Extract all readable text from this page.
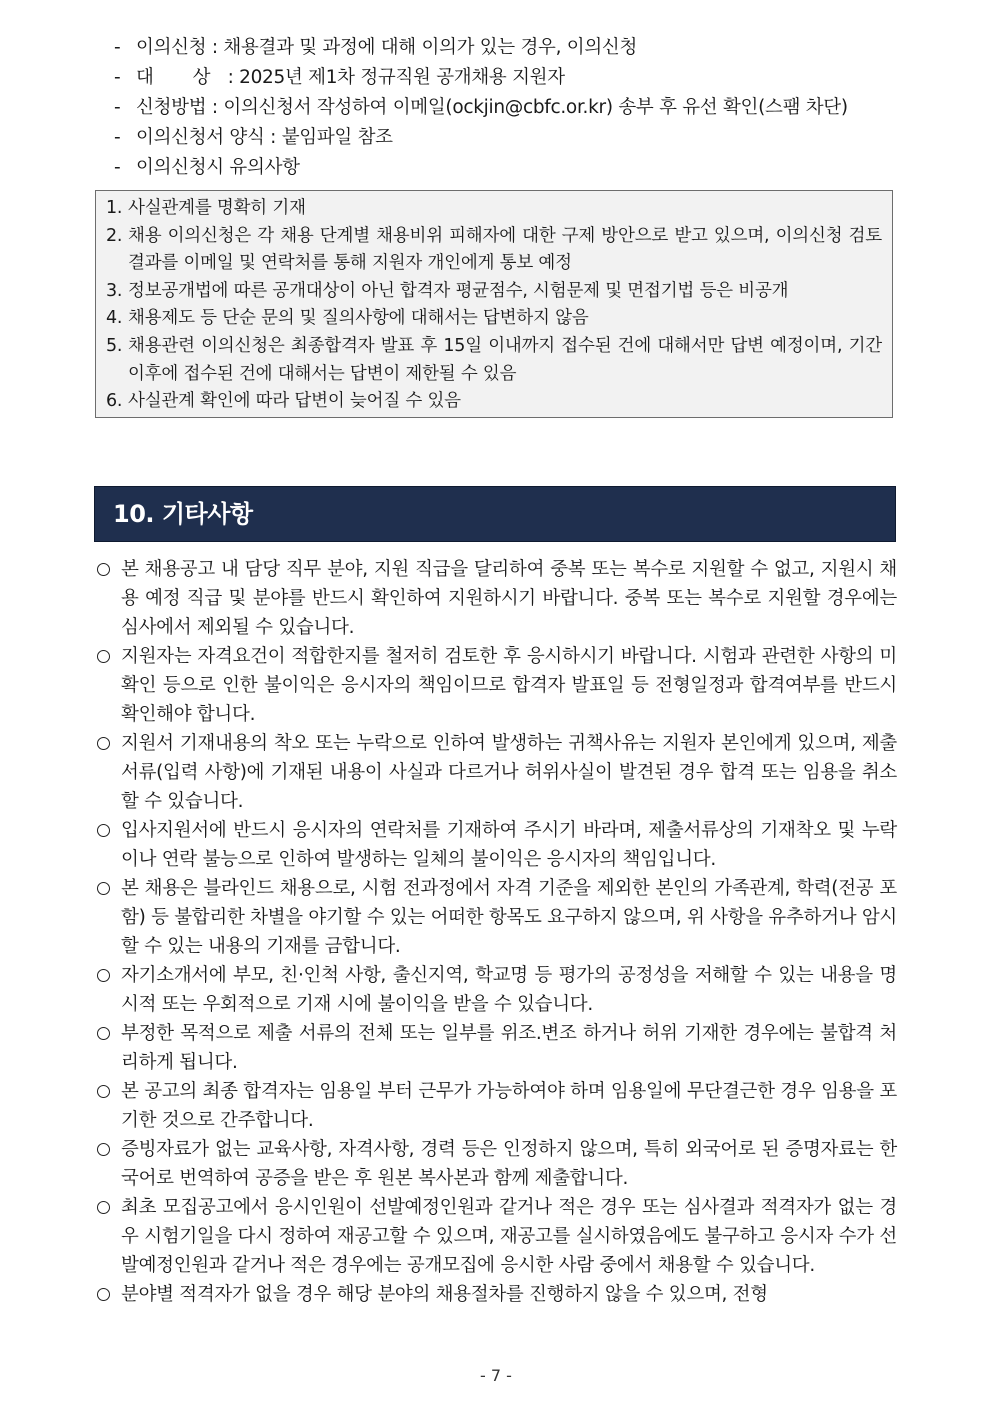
- 이의신청 : 채용결과 및 과정에 대해 이의가 있는 경우, 이의신청
- 대       상 : 2025년 제1차 정규직원 공개채용 지원자
- 신청방법 : 이의신청서 작성하여 이메일(ockjin@cbfc.or.kr) 송부 후 유선 확인(스팸 차단)
- 이의신청서 양식 : 붙임파일 참조
- 이의신청시 유의사항
1. 사실관계를 명확히 기재
2. 채용 이의신청은 각 채용 단계별 채용비위 피해자에 대한 구제 방안으로 받고 있으며, 이의신청 검토 결과를 이메일 및 연락처를 통해 지원자 개인에게 통보 예정
3. 정보공개법에 따른 공개대상이 아닌 합격자 평균점수, 시험문제 및 면접기법 등은 비공개
4. 채용제도 등 단순 문의 및 질의사항에 대해서는 답변하지 않음
5. 채용관련 이의신청은 최종합격자 발표 후 15일 이내까지 접수된 건에 대해서만 답변 예정이며, 기간 이후에 접수된 건에 대해서는 답변이 제한될 수 있음
6. 사실관계 확인에 따라 답변이 늦어질 수 있음
10. 기타사항
본 채용공고 내 담당 직무 분야, 지원 직급을 달리하여 중복 또는 복수로 지원할 수 없고, 지원시 채용 예정 직급 및 분야를 반드시 확인하여 지원하시기 바랍니다. 중복 또는 복수로 지원할 경우에는 심사에서 제외될 수 있습니다.
지원자는 자격요건이 적합한지를 철저히 검토한 후 응시하시기 바랍니다. 시험과 관련한 사항의 미확인 등으로 인한 불이익은 응시자의 책임이므로 합격자 발표일 등 전형일정과 합격여부를 반드시 확인해야 합니다.
지원서 기재내용의 착오 또는 누락으로 인하여 발생하는 귀책사유는 지원자 본인에게 있으며, 제출 서류(입력 사항)에 기재된 내용이 사실과 다르거나 허위사실이 발견된 경우 합격 또는 임용을 취소할 수 있습니다.
입사지원서에 반드시 응시자의 연락처를 기재하여 주시기 바라며, 제출서류상의 기재착오 및 누락이나 연락 불능으로 인하여 발생하는 일체의 불이익은 응시자의 책임입니다.
본 채용은 블라인드 채용으로, 시험 전과정에서 자격 기준을 제외한 본인의 가족관계, 학력(전공 포함) 등 불합리한 차별을 야기할 수 있는 어떠한 항목도 요구하지 않으며, 위 사항을 유추하거나 암시할 수 있는 내용의 기재를 금합니다.
자기소개서에 부모, 친·인척 사항, 출신지역, 학교명 등 평가의 공정성을 저해할 수 있는 내용을 명시적 또는 우회적으로 기재 시에 불이익을 받을 수 있습니다.
부정한 목적으로 제출 서류의 전체 또는 일부를 위조.변조 하거나 허위 기재한 경우에는 불합격 처리하게 됩니다.
본 공고의 최종 합격자는 임용일 부터 근무가 가능하여야 하며 임용일에 무단결근한 경우 임용을 포기한 것으로 간주합니다.
증빙자료가 없는 교육사항, 자격사항, 경력 등은 인정하지 않으며, 특히 외국어로 된 증명자료는 한국어로 번역하여 공증을 받은 후 원본 복사본과 함께 제출합니다.
최초 모집공고에서 응시인원이 선발예정인원과 같거나 적은 경우 또는 심사결과 적격자가 없는 경우 시험기일을 다시 정하여 재공고할 수 있으며, 재공고를 실시하였음에도 불구하고 응시자 수가 선발예정인원과 같거나 적은 경우에는 공개모집에 응시한 사람 중에서 채용할 수 있습니다.
분야별 적격자가 없을 경우 해당 분야의 채용절차를 진행하지 않을 수 있으며, 전형
- 7 -
